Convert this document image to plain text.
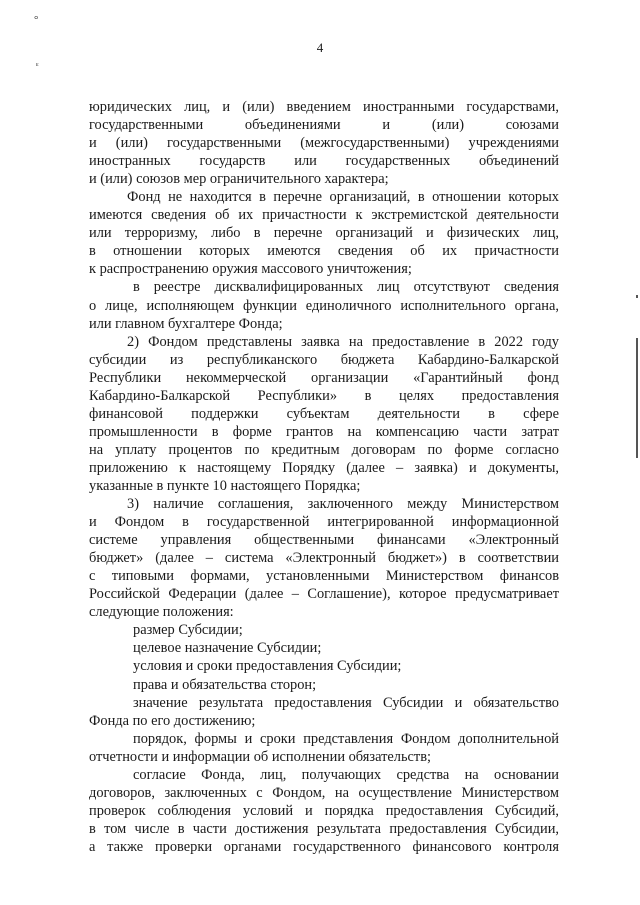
4
°
ᵋ
юридических лиц, и (или) введением иностранными государствами,
государственными объединениями и (или) союзами
и (или) государственными (межгосударственными) учреждениями
иностранных государств или государственных объединений
и (или) союзов мер ограничительного характера;
Фонд не находится в перечне организаций, в отношении которых
имеются сведения об их причастности к экстремистской деятельности
или терроризму, либо в перечне организаций и физических лиц,
в отношении которых имеются сведения об их причастности
к распространению оружия массового уничтожения;
в реестре дисквалифицированных лиц отсутствуют сведения
о лице, исполняющем функции единоличного исполнительного органа,
или главном бухгалтере Фонда;
2) Фондом представлены заявка на предоставление в 2022 году
субсидии из республиканского бюджета Кабардино-Балкарской
Республики некоммерческой организации «Гарантийный фонд
Кабардино-Балкарской Республики» в целях предоставления
финансовой поддержки субъектам деятельности в сфере
промышленности в форме грантов на компенсацию части затрат
на уплату процентов по кредитным договорам по форме согласно
приложению к настоящему Порядку (далее – заявка) и документы,
указанные в пункте 10 настоящего Порядка;
3) наличие соглашения, заключенного между Министерством
и Фондом в государственной интегрированной информационной
системе управления общественными финансами «Электронный
бюджет» (далее – система «Электронный бюджет») в соответствии
с типовыми формами, установленными Министерством финансов
Российской Федерации (далее – Соглашение), которое предусматривает
следующие положения:
размер Субсидии;
целевое назначение Субсидии;
условия и сроки предоставления Субсидии;
права и обязательства сторон;
значение результата предоставления Субсидии и обязательство
Фонда по его достижению;
порядок, формы и сроки представления Фондом дополнительной
отчетности и информации об исполнении обязательств;
согласие Фонда, лиц, получающих средства на основании
договоров, заключенных с Фондом, на осуществление Министерством
проверок соблюдения условий и порядка предоставления Субсидий,
в том числе в части достижения результата предоставления Субсидии,
а также проверки органами государственного финансового контроля
